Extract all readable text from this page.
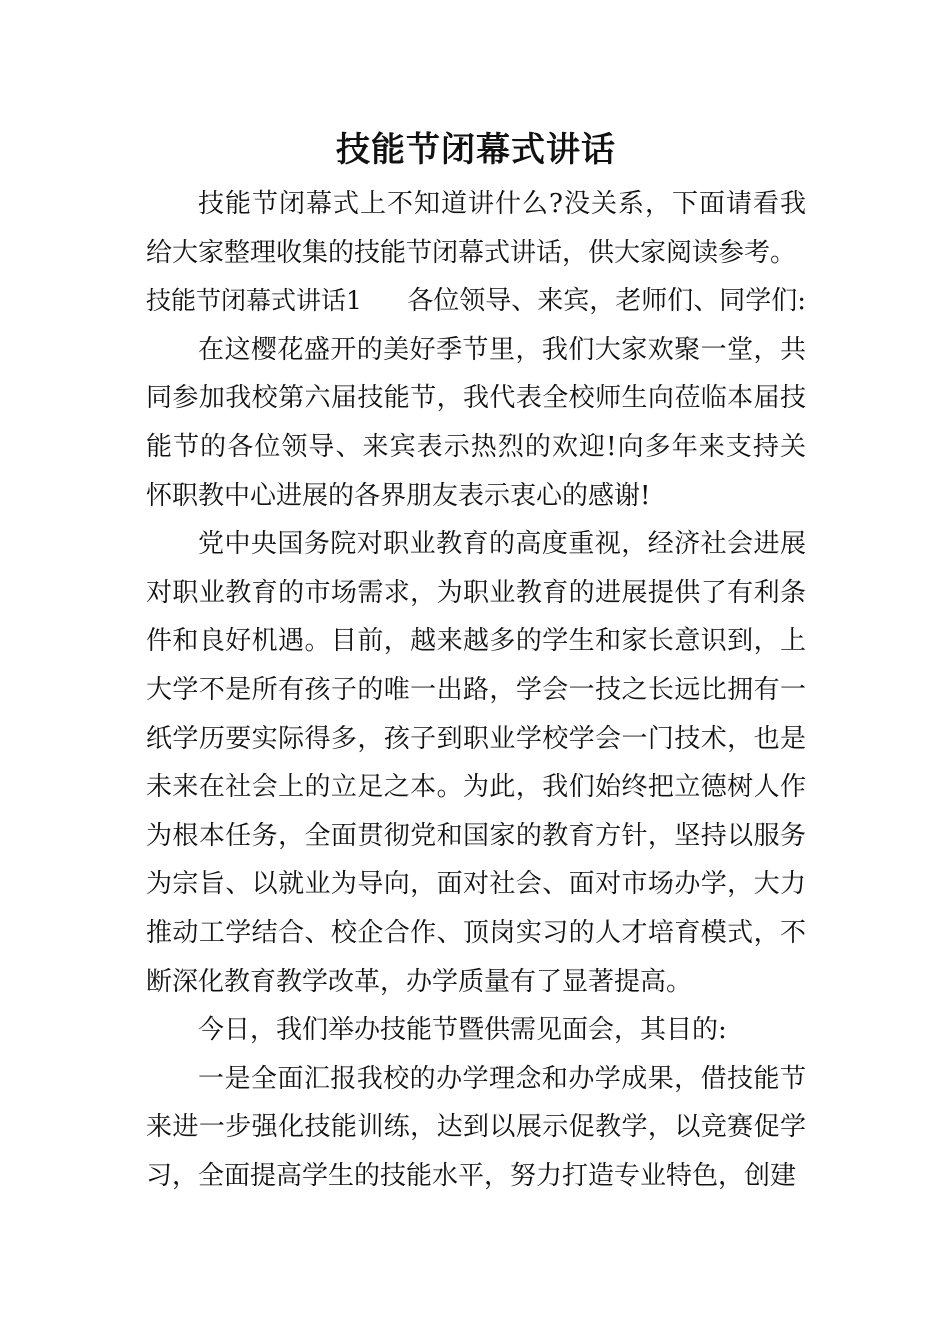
技能节闭幕式讲话

技能节闭幕式上不知道讲什么?没关系，下面请看我给大家整理收集的技能节闭幕式讲话，供大家阅读参考。

技能节闭幕式讲话1 各位领导、来宾，老师们、同学们:

在这樱花盛开的美好季节里，我们大家欢聚一堂，共同参加我校第六届技能节，我代表全校师生向莅临本届技能节的各位领导、来宾表示热烈的欢迎!向多年来支持关怀职教中心进展的各界朋友表示衷心的感谢!

党中央国务院对职业教育的高度重视，经济社会进展对职业教育的市场需求，为职业教育的进展提供了有利条件和良好机遇。目前，越来越多的学生和家长意识到，上大学不是所有孩子的唯一出路，学会一技之长远比拥有一纸学历要实际得多，孩子到职业学校学会一门技术，也是未来在社会上的立足之本。为此，我们始终把立德树人作为根本任务，全面贯彻党和国家的教育方针，坚持以服务为宗旨、以就业为导向，面对社会、面对市场办学，大力推动工学结合、校企合作、顶岗实习的人才培育模式，不断深化教育教学改革，办学质量有了显著提高。

今日，我们举办技能节暨供需见面会，其目的:

一是全面汇报我校的办学理念和办学成果，借技能节来进一步强化技能训练，达到以展示促教学，以竞赛促学习，全面提高学生的技能水平，努力打造专业特色，创建
